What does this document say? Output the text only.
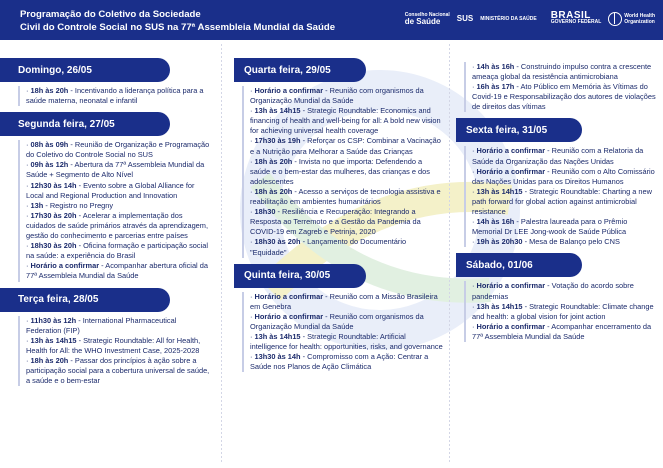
Programação do Coletivo da Sociedade
Civil do Controle Social no SUS na 77ª Assembleia Mundial da Saúde
Conselho Nacional
de Saúde	SUS MINISTÉRIO DA SAÚDE BRASIL
GOVERNO FEDERAL
World Health
Organization
Domingo, 26/05
· 18h às 20h - Incentivando a liderança política para a saúde materna, neonatal e infantil
Segunda feira, 27/05
· 08h às 09h - Reunião de Organização e Programação do Coletivo do Controle Social no SUS
· 09h às 12h - Abertura da 77ª Assembleia Mundial da Saúde + Segmento de Alto Nível
· 12h30 às 14h - Evento sobre a Global Alliance for Local and Regional Production and Innovation
· 13h - Registro no Pregny
· 17h30 às 20h - Acelerar a implementação dos cuidados de saúde primários através da aprendizagem, gestão do conhecimento e parcerias entre países
· 18h30 às 20h - Oficina formação e participação social na saúde: a experiência do Brasil
· Horário a confirmar - Acompanhar abertura oficial da 77ª Assembleia Mundial da Saúde
Terça feira, 28/05
· 11h30 às 12h - International Pharmaceutical Federation (FIP)
· 13h às 14h15 - Strategic Roundtable: All for Health, Health for All: the WHO Investment Case, 2025-2028
· 18h às 20h - Passar dos princípios à ação sobre a participação social para a cobertura universal de saúde, a saúde e o bem-estar
Quarta feira, 29/05
· Horário a confirmar - Reunião com organismos da Organização Mundial da Saúde
· 13h às 14h15 - Strategic Roundtable: Economics and financing of health and well-being for all: A bold new vision for achieving universal health coverage
· 17h30 às 19h - Reforçar os CSP: Combinar a Vacinação e a Nutrição para Melhorar a Saúde das Crianças
· 18h às 20h - Invista no que importa: Defendendo a saúde e o bem-estar das mulheres, das crianças e dos adolescentes
· 18h às 20h - Acesso a serviços de tecnologia assistiva e reabilitação em ambientes humanitários
· 18h30 - Resiliência e Recuperação: Integrando a Resposta ao Terremoto e a Gestão da Pandemia da COVID-19 em Zagreb e Petrinja, 2020
· 18h30 às 20h - Lançamento do Documentário "Equidade"
Quinta feira, 30/05
· Horário a confirmar - Reunião com a Missão Brasileira em Genebra
· Horário a confirmar - Reunião com organismos da Organização Mundial da Saúde
· 13h às 14h15 - Strategic Roundtable: Artificial intelligence for health: opportunities, risks, and governance
· 13h30 às 14h - Compromisso com a Ação: Centrar a Saúde nos Planos de Ação Climática
· 14h às 16h - Construindo impulso contra a crescente ameaça global da resistência antimicrobiana
· 16h às 17h - Ato Público em Memória às Vítimas do Covid-19 e Responsabilização dos autores de violações de direitos das vítimas
Sexta feira, 31/05
· Horário a confirmar - Reunião com a Relatoria da Saúde da Organização das Nações Unidas
· Horário a confirmar - Reunião com o Alto Comissário das Nações Unidas para os Direitos Humanos
· 13h às 14h15 - Strategic Roundtable: Charting a new path forward for global action against antimicrobial resistance
· 14h às 16h - Palestra laureada para o Prêmio Memorial Dr LEE Jong-wook de Saúde Pública
· 19h às 20h30 - Mesa de Balanço pelo CNS
Sábado, 01/06
· Horário a confirmar - Votação do acordo sobre pandemias
· 13h às 14h15 - Strategic Roundtable: Climate change and health: a global vision for joint action
· Horário a confirmar - Acompanhar encerramento da 77ª Assembleia Mundial da Saúde
